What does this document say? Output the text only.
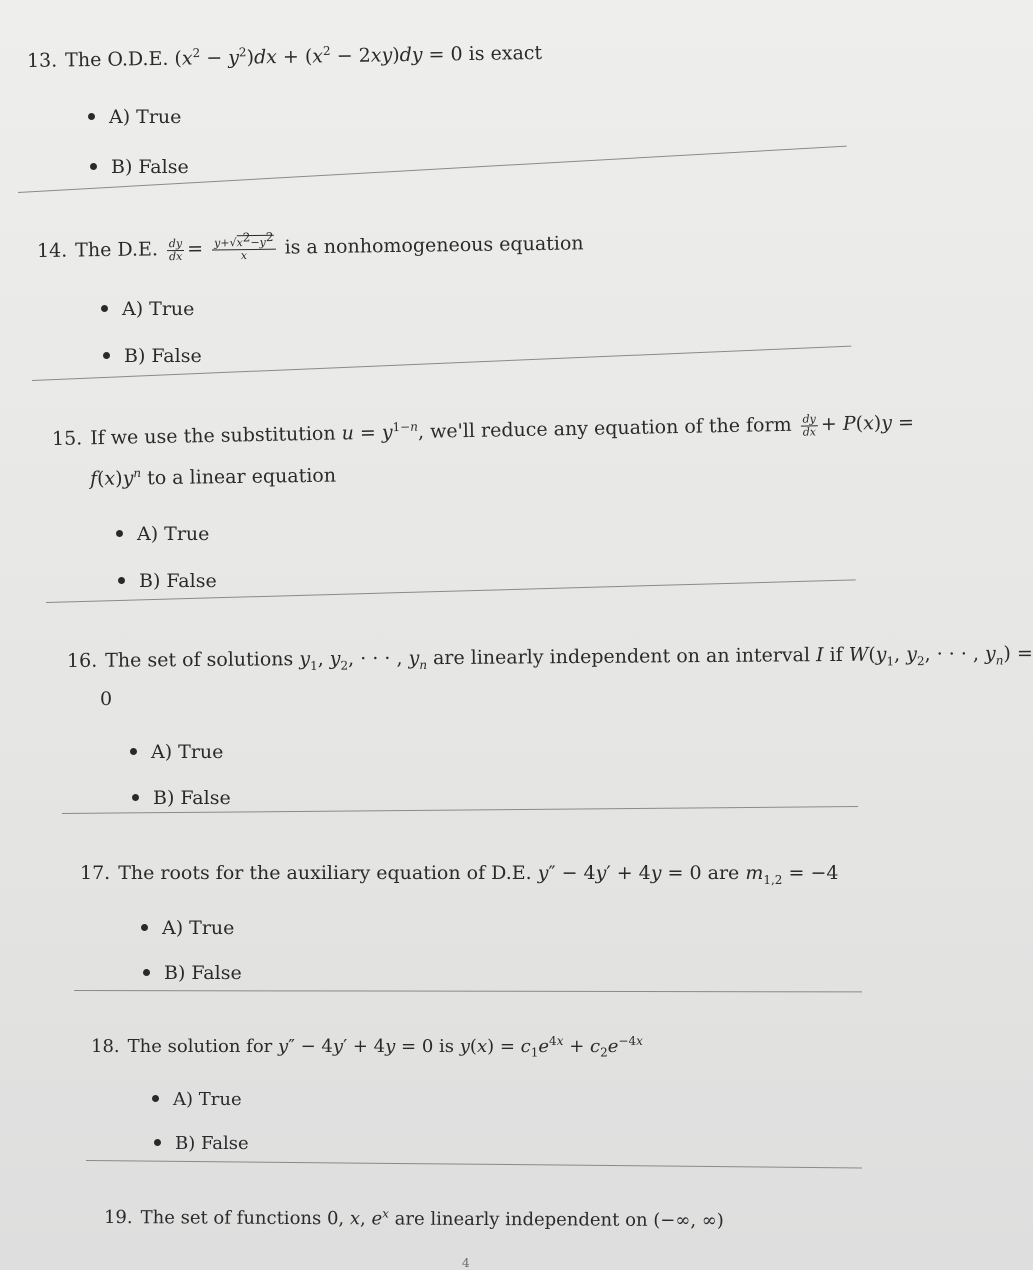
13. The O.D.E. $(x^2 - y^2)dx + (x^2 - 2xy)dy = 0$ is exact
A) True
B) False
14. The D.E. $\frac{dy}{dx} = \frac{y+√x^2-y^2}{x}$ is a nonhomogeneous equation
A) True
B) False
15. If we use the substitution $u = y^{1-n}$, we'll reduce any equation of the form $\frac{dy}{dx} + P(x)y$ =
$f(x)y^n$ to a linear equation
A) True
B) False
16. The set of solutions $y_1$, $y_2$, · · · , $y_n$ are linearly independent on an interval I if $W(y_1$, $y_2$, · · · , $y_n$) =
0
A) True
B) False
17. The roots for the auxiliary equation of D.E. y″ − 4y′ + 4y = 0 are $m_{1,2} = -4$
A) True
B) False
18. The solution for y″ − 4y′ + 4y = 0 is $y(x) = c_1e^{4x} + c_2e^{-4x}$
A) True
B) False
19. The set of functions 0, x, $e^x$ are linearly independent on (−∞, ∞)
4
